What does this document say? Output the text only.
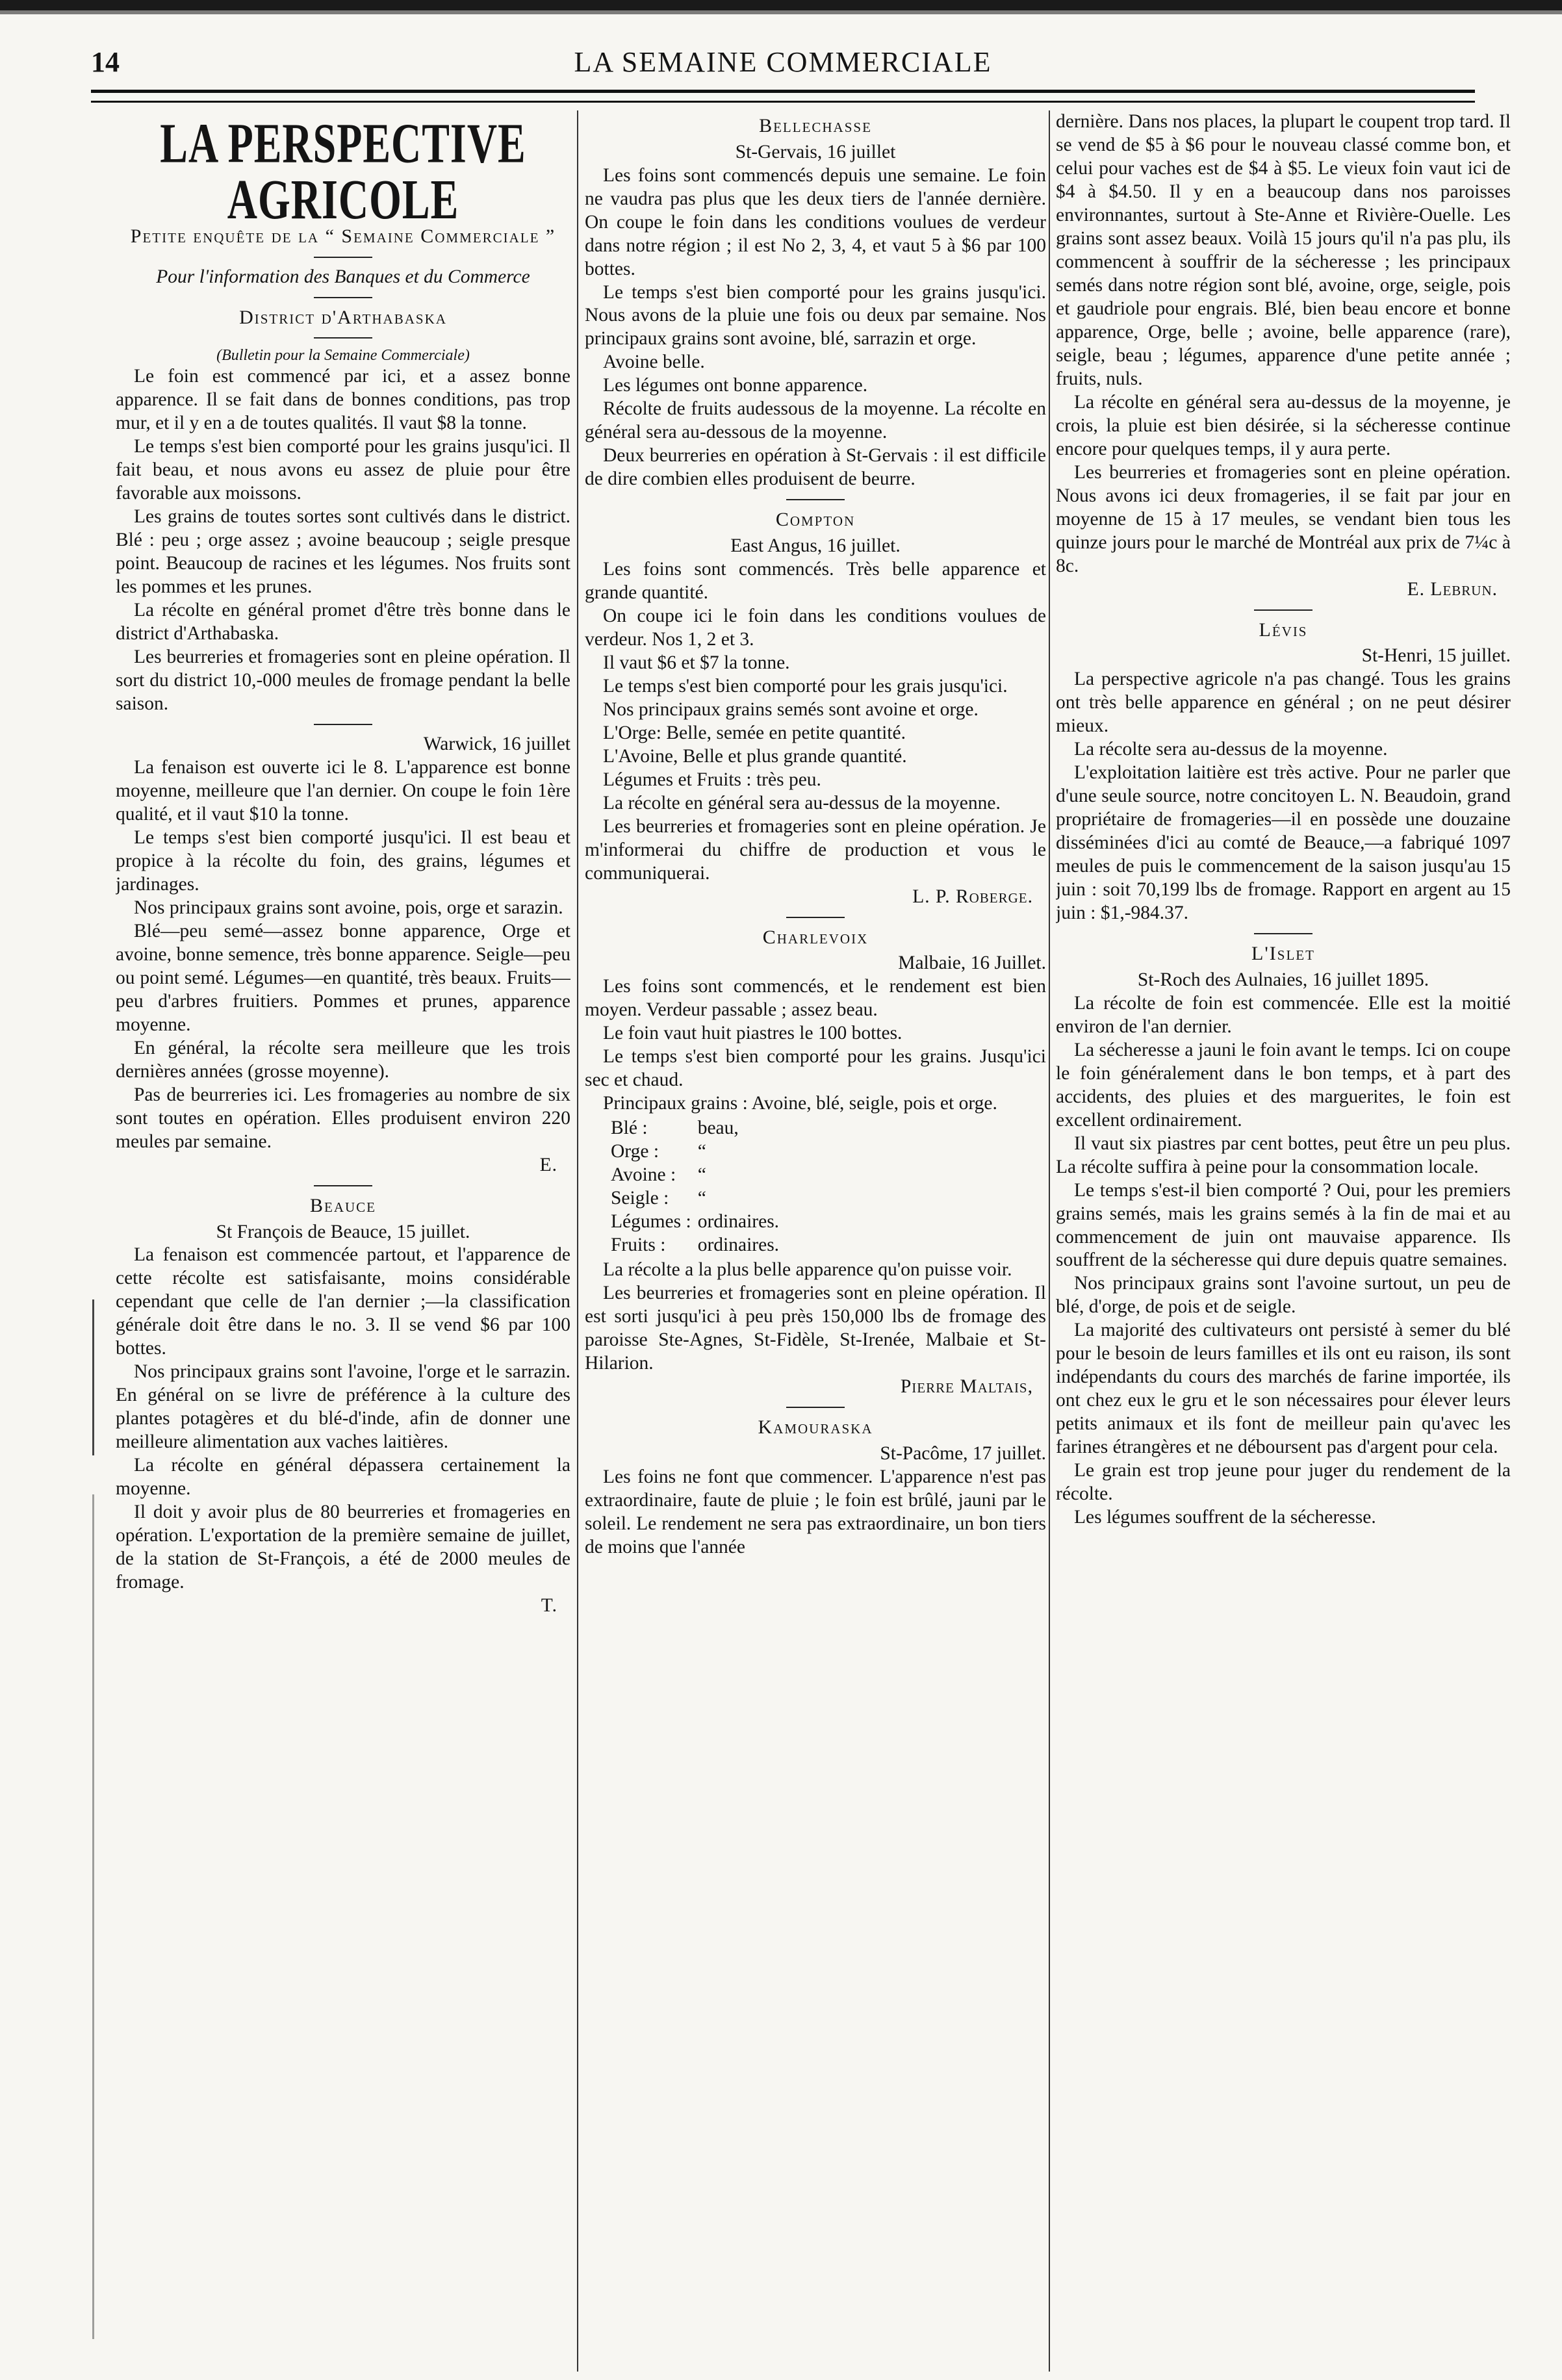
14	LA SEMAINE COMMERCIALE
LA PERSPECTIVE AGRICOLE
Petite enquête de la “ Semaine Commerciale ”
Pour l'information des Banques et du Commerce
District d'Arthabaska
(Bulletin pour la Semaine Commerciale)

Le foin est commencé par ici, et a assez bonne apparence. Il se fait dans de bonnes conditions, pas trop mur, et il y en a de toutes qualités. Il vaut $8 la tonne.

Le temps s'est bien comporté pour les grains jusqu'ici. Il fait beau, et nous avons eu assez de pluie pour être favorable aux moissons.

Les grains de toutes sortes sont cultivés dans le district. Blé : peu ; orge assez ; avoine beaucoup ; seigle presque point. Beaucoup de racines et les légumes. Nos fruits sont les pommes et les prunes.

La récolte en général promet d'être très bonne dans le district d'Arthabaska.

Les beurreries et fromageries sont en pleine opération. Il sort du district 10,-000 meules de fromage pendant la belle saison.

Warwick, 16 juillet

La fenaison est ouverte ici le 8. L'apparence est bonne moyenne, meilleure que l'an dernier. On coupe le foin 1ère qualité, et il vaut $10 la tonne.

Le temps s'est bien comporté jusqu'ici. Il est beau et propice à la récolte du foin, des grains, légumes et jardinages.

Nos principaux grains sont avoine, pois, orge et sarazin.

Blé—peu semé—assez bonne apparence, Orge et avoine, bonne semence, très bonne apparence. Seigle—peu ou point semé. Légumes—en quantité, très beaux. Fruits—peu d'arbres fruitiers. Pommes et prunes, apparence moyenne.

En général, la récolte sera meilleure que les trois dernières années (grosse moyenne).

Pas de beurreries ici. Les fromageries au nombre de six sont toutes en opération. Elles produisent environ 220 meules par semaine.

E.

Beauce

St François de Beauce, 15 juillet.

La fenaison est commencée partout, et l'apparence de cette récolte est satisfaisante, moins considérable cependant que celle de l'an dernier ;—la classification générale doit être dans le no. 3. Il se vend $6 par 100 bottes.

Nos principaux grains sont l'avoine, l'orge et le sarrazin. En général on se livre de préférence à la culture des plantes potagères et du blé-d'inde, afin de donner une meilleure alimentation aux vaches laitières.

La récolte en général dépassera certainement la moyenne.

Il doit y avoir plus de 80 beurreries et fromageries en opération. L'exportation de la première semaine de juillet, de la station de St-François, a été de 2000 meules de fromage.

T.

Bellechasse

St-Gervais, 16 juillet

Les foins sont commencés depuis une semaine. Le foin ne vaudra pas plus que les deux tiers de l'année dernière. On coupe le foin dans les conditions voulues de verdeur dans notre région ; il est No 2, 3, 4, et vaut 5 à $6 par 100 bottes.

Le temps s'est bien comporté pour les grains jusqu'ici. Nous avons de la pluie une fois ou deux par semaine. Nos principaux grains sont avoine, blé, sarrazin et orge.

Avoine belle.

Les légumes ont bonne apparence.

Récolte de fruits audessous de la moyenne. La récolte en général sera au-dessous de la moyenne.

Deux beurreries en opération à St-Gervais : il est difficile de dire combien elles produisent de beurre.

Compton

East Angus, 16 juillet.

Les foins sont commencés. Très belle apparence et grande quantité.

On coupe ici le foin dans les conditions voulues de verdeur. Nos 1, 2 et 3.

Il vaut $6 et $7 la tonne.

Le temps s'est bien comporté pour les grais jusqu'ici.

Nos principaux grains semés sont avoine et orge.

L'Orge: Belle, semée en petite quantité.

L'Avoine, Belle et plus grande quantité.

Légumes et Fruits : très peu.

La récolte en général sera au-dessus de la moyenne.

Les beurreries et fromageries sont en pleine opération. Je m'informerai du chiffre de production et vous le communiquerai.

L. P. Roberge.

Charlevoix

Malbaie, 16 Juillet.

Les foins sont commencés, et le rendement est bien moyen. Verdeur passable ; assez beau.

Le foin vaut huit piastres le 100 bottes.

Le temps s'est bien comporté pour les grains. Jusqu'ici sec et chaud.

Principaux grains : Avoine, blé, seigle, pois et orge.

Blé :	beau,
Orge :	“
Avoine :	“
Seigle :	“
Légumes :	ordinaires.
Fruits :	ordinaires.

La récolte a la plus belle apparence qu'on puisse voir.

Les beurreries et fromageries sont en pleine opération. Il est sorti jusqu'ici à peu près 150,000 lbs de fromage des paroisse Ste-Agnes, St-Fidèle, St-Irenée, Malbaie et St-Hilarion.

Pierre Maltais,

Kamouraska

St-Pacôme, 17 juillet.

Les foins ne font que commencer. L'apparence n'est pas extraordinaire, faute de pluie ; le foin est brûlé, jauni par le soleil. Le rendement ne sera pas extraordinaire, un bon tiers de moins que l'année

dernière. Dans nos places, la plupart le coupent trop tard. Il se vend de $5 à $6 pour le nouveau classé comme bon, et celui pour vaches est de $4 à $5. Le vieux foin vaut ici de $4 à $4.50. Il y en a beaucoup dans nos paroisses environnantes, surtout à Ste-Anne et Rivière-Ouelle. Les grains sont assez beaux. Voilà 15 jours qu'il n'a pas plu, ils commencent à souffrir de la sécheresse ; les principaux semés dans notre région sont blé, avoine, orge, seigle, pois et gaudriole pour engrais. Blé, bien beau encore et bonne apparence, Orge, belle ; avoine, belle apparence (rare), seigle, beau ; légumes, apparence d'une petite année ; fruits, nuls.

La récolte en général sera au-dessus de la moyenne, je crois, la pluie est bien désirée, si la sécheresse continue encore pour quelques temps, il y aura perte.

Les beurreries et fromageries sont en pleine opération. Nous avons ici deux fromageries, il se fait par jour en moyenne de 15 à 17 meules, se vendant bien tous les quinze jours pour le marché de Montréal aux prix de 7¼c à 8c.

E. Lebrun.

Lévis

St-Henri, 15 juillet.

La perspective agricole n'a pas changé. Tous les grains ont très belle apparence en général ; on ne peut désirer mieux.

La récolte sera au-dessus de la moyenne.

L'exploitation laitière est très active. Pour ne parler que d'une seule source, notre concitoyen L. N. Beaudoin, grand propriétaire de fromageries—il en possède une douzaine disséminées d'ici au comté de Beauce,—a fabriqué 1097 meules de puis le commencement de la saison jusqu'au 15 juin : soit 70,199 lbs de fromage. Rapport en argent au 15 juin : $1,-984.37.

L'Islet

St-Roch des Aulnaies, 16 juillet 1895.

La récolte de foin est commencée. Elle est la moitié environ de l'an dernier.

La sécheresse a jauni le foin avant le temps. Ici on coupe le foin généralement dans le bon temps, et à part des accidents, des pluies et des marguerites, le foin est excellent ordinairement.

Il vaut six piastres par cent bottes, peut être un peu plus. La récolte suffira à peine pour la consommation locale.

Le temps s'est-il bien comporté ? Oui, pour les premiers grains semés, mais les grains semés à la fin de mai et au commencement de juin ont mauvaise apparence. Ils souffrent de la sécheresse qui dure depuis quatre semaines.

Nos principaux grains sont l'avoine surtout, un peu de blé, d'orge, de pois et de seigle.

La majorité des cultivateurs ont persisté à semer du blé pour le besoin de leurs familles et ils ont eu raison, ils sont indépendants du cours des marchés de farine importée, ils ont chez eux le gru et le son nécessaires pour élever leurs petits animaux et ils font de meilleur pain qu'avec les farines étrangères et ne déboursent pas d'argent pour cela.

Le grain est trop jeune pour juger du rendement de la récolte.

Les légumes souffrent de la sécheresse.
